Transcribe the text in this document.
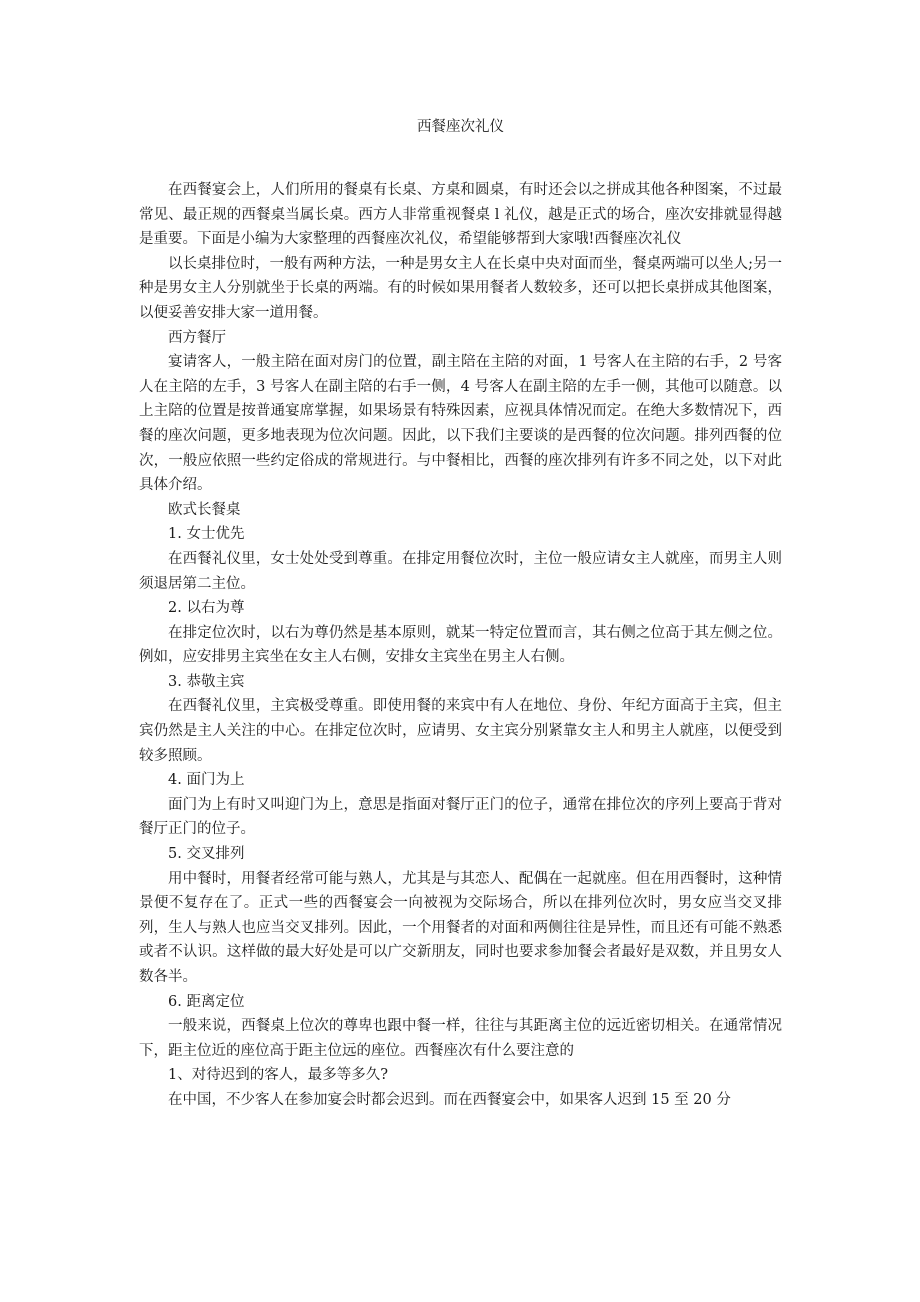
西餐座次礼仪

在西餐宴会上，人们所用的餐桌有长桌、方桌和圆桌，有时还会以之拼成其他各种图案，不过最常见、最正规的西餐桌当属长桌。西方人非常重视餐桌 l 礼仪，越是正式的场合，座次安排就显得越是重要。下面是小编为大家整理的西餐座次礼仪，希望能够帮到大家哦!西餐座次礼仪

以长桌排位时，一般有两种方法，一种是男女主人在长桌中央对面而坐，餐桌两端可以坐人;另一种是男女主人分别就坐于长桌的两端。有的时候如果用餐者人数较多，还可以把长桌拼成其他图案，以便妥善安排大家一道用餐。

西方餐厅

宴请客人，一般主陪在面对房门的位置，副主陪在主陪的对面，1 号客人在主陪的右手，2 号客人在主陪的左手，3 号客人在副主陪的右手一侧，4 号客人在副主陪的左手一侧，其他可以随意。以上主陪的位置是按普通宴席掌握，如果场景有特殊因素，应视具体情况而定。在绝大多数情况下，西餐的座次问题，更多地表现为位次问题。因此，以下我们主要谈的是西餐的位次问题。排列西餐的位次，一般应依照一些约定俗成的常规进行。与中餐相比，西餐的座次排列有许多不同之处，以下对此具体介绍。

欧式长餐桌

1. 女士优先

在西餐礼仪里，女士处处受到尊重。在排定用餐位次时，主位一般应请女主人就座，而男主人则须退居第二主位。

2. 以右为尊

在排定位次时，以右为尊仍然是基本原则，就某一特定位置而言，其右侧之位高于其左侧之位。例如，应安排男主宾坐在女主人右侧，安排女主宾坐在男主人右侧。

3. 恭敬主宾

在西餐礼仪里，主宾极受尊重。即使用餐的来宾中有人在地位、身份、年纪方面高于主宾，但主宾仍然是主人关注的中心。在排定位次时，应请男、女主宾分别紧靠女主人和男主人就座，以便受到较多照顾。

4. 面门为上

面门为上有时又叫迎门为上，意思是指面对餐厅正门的位子，通常在排位次的序列上要高于背对餐厅正门的位子。

5. 交叉排列

用中餐时，用餐者经常可能与熟人，尤其是与其恋人、配偶在一起就座。但在用西餐时，这种情景便不复存在了。正式一些的西餐宴会一向被视为交际场合，所以在排列位次时，男女应当交叉排列，生人与熟人也应当交叉排列。因此，一个用餐者的对面和两侧往往是异性，而且还有可能不熟悉或者不认识。这样做的最大好处是可以广交新朋友，同时也要求参加餐会者最好是双数，并且男女人数各半。

6. 距离定位

一般来说，西餐桌上位次的尊卑也跟中餐一样，往往与其距离主位的远近密切相关。在通常情况下，距主位近的座位高于距主位远的座位。西餐座次有什么要注意的

1、对待迟到的客人，最多等多久?

在中国，不少客人在参加宴会时都会迟到。而在西餐宴会中，如果客人迟到 15 至 20 分
